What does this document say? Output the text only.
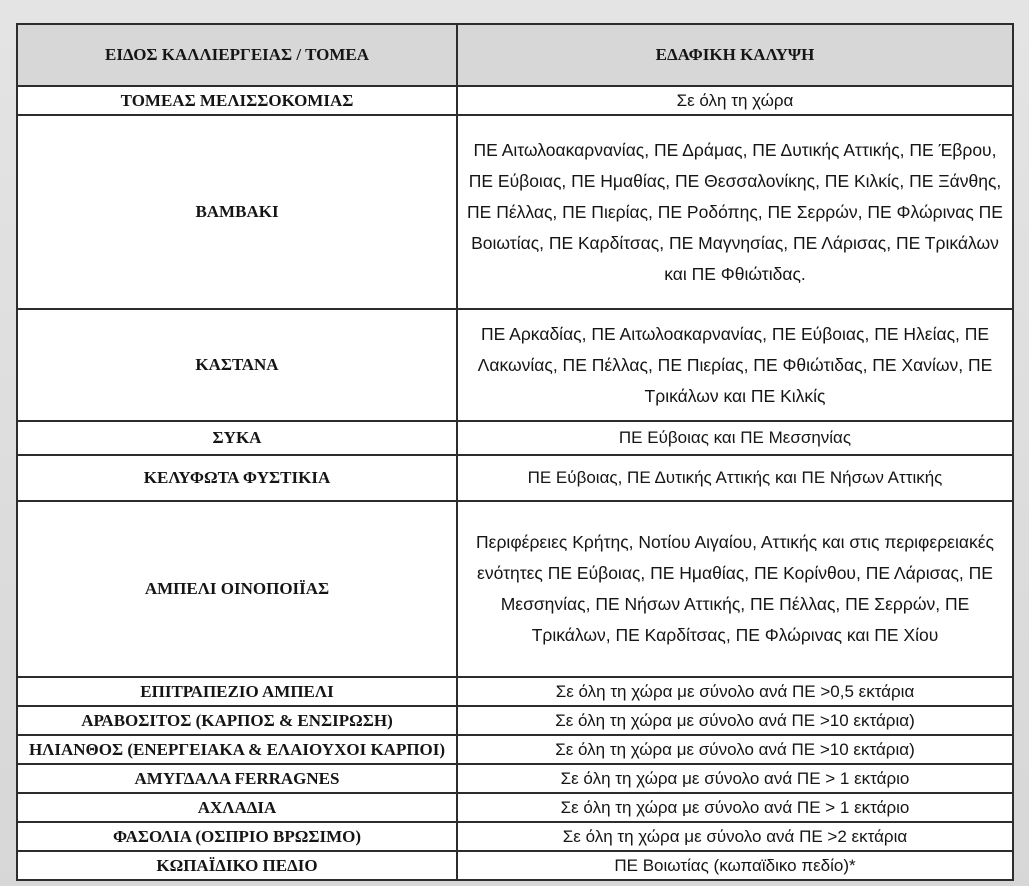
ΕΙΔΟΣ ΚΑΛΛΙΕΡΓΕΙΑΣ / ΤΟΜΕΑ	ΕΔΑΦΙΚΗ ΚΑΛΥΨΗ
ΤΟΜΕΑΣ ΜΕΛΙΣΣΟΚΟΜΙΑΣ	Σε όλη τη χώρα
ΒΑΜΒΑΚΙ	ΠΕ Αιτωλοακαρνανίας, ΠΕ Δράμας, ΠΕ Δυτικής Αττικής, ΠΕ Έβρου, ΠΕ Εύβοιας, ΠΕ Ημαθίας, ΠΕ Θεσσαλονίκης, ΠΕ Κιλκίς, ΠΕ Ξάνθης, ΠΕ Πέλλας, ΠΕ Πιερίας, ΠΕ Ροδόπης, ΠΕ Σερρών, ΠΕ Φλώρινας ΠΕ Βοιωτίας, ΠΕ Καρδίτσας, ΠΕ Μαγνησίας, ΠΕ Λάρισας, ΠΕ Τρικάλων και ΠΕ Φθιώτιδας.
ΚΑΣΤΑΝΑ	ΠΕ Αρκαδίας, ΠΕ Αιτωλοακαρνανίας, ΠΕ Εύβοιας, ΠΕ Ηλείας, ΠΕ Λακωνίας, ΠΕ Πέλλας, ΠΕ Πιερίας, ΠΕ Φθιώτιδας, ΠΕ Χανίων, ΠΕ Τρικάλων και ΠΕ Κιλκίς
ΣΥΚΑ	ΠΕ Εύβοιας και ΠΕ Μεσσηνίας
ΚΕΛΥΦΩΤΑ ΦΥΣΤΙΚΙΑ	ΠΕ Εύβοιας, ΠΕ Δυτικής Αττικής και ΠΕ Νήσων Αττικής
ΑΜΠΕΛΙ ΟΙΝΟΠΟΙΪΑΣ	Περιφέρειες Κρήτης, Νοτίου Αιγαίου, Αττικής και στις περιφερειακές ενότητες ΠΕ Εύβοιας, ΠΕ Ημαθίας, ΠΕ Κορίνθου, ΠΕ Λάρισας, ΠΕ Μεσσηνίας, ΠΕ Νήσων Αττικής, ΠΕ Πέλλας, ΠΕ Σερρών, ΠΕ Τρικάλων, ΠΕ Καρδίτσας, ΠΕ Φλώρινας και ΠΕ Χίου
ΕΠΙΤΡΑΠΕΖΙΟ ΑΜΠΕΛΙ	Σε όλη τη χώρα με σύνολο ανά ΠΕ >0,5 εκτάρια
ΑΡΑΒΟΣΙΤΟΣ (ΚΑΡΠΟΣ & ΕΝΣΙΡΩΣΗ)	Σε όλη τη χώρα με σύνολο ανά ΠΕ >10 εκτάρια)
ΗΛΙΑΝΘΟΣ (ΕΝΕΡΓΕΙΑΚΑ & ΕΛΑΙΟΥΧΟΙ ΚΑΡΠΟΙ)	Σε όλη τη χώρα με σύνολο ανά ΠΕ >10 εκτάρια)
ΑΜΥΓΔΑΛΑ FERRAGNES	Σε όλη τη χώρα με σύνολο ανά ΠΕ > 1 εκτάριο
ΑΧΛΑΔΙΑ	Σε όλη τη χώρα με σύνολο ανά ΠΕ > 1 εκτάριο
ΦΑΣΟΛΙΑ (ΟΣΠΡΙΟ ΒΡΩΣΙΜΟ)	Σε όλη τη χώρα με σύνολο ανά ΠΕ >2 εκτάρια
ΚΩΠΑΪΔΙΚΟ ΠΕΔΙΟ	ΠΕ Βοιωτίας (κωπαϊδικο πεδίο)*
